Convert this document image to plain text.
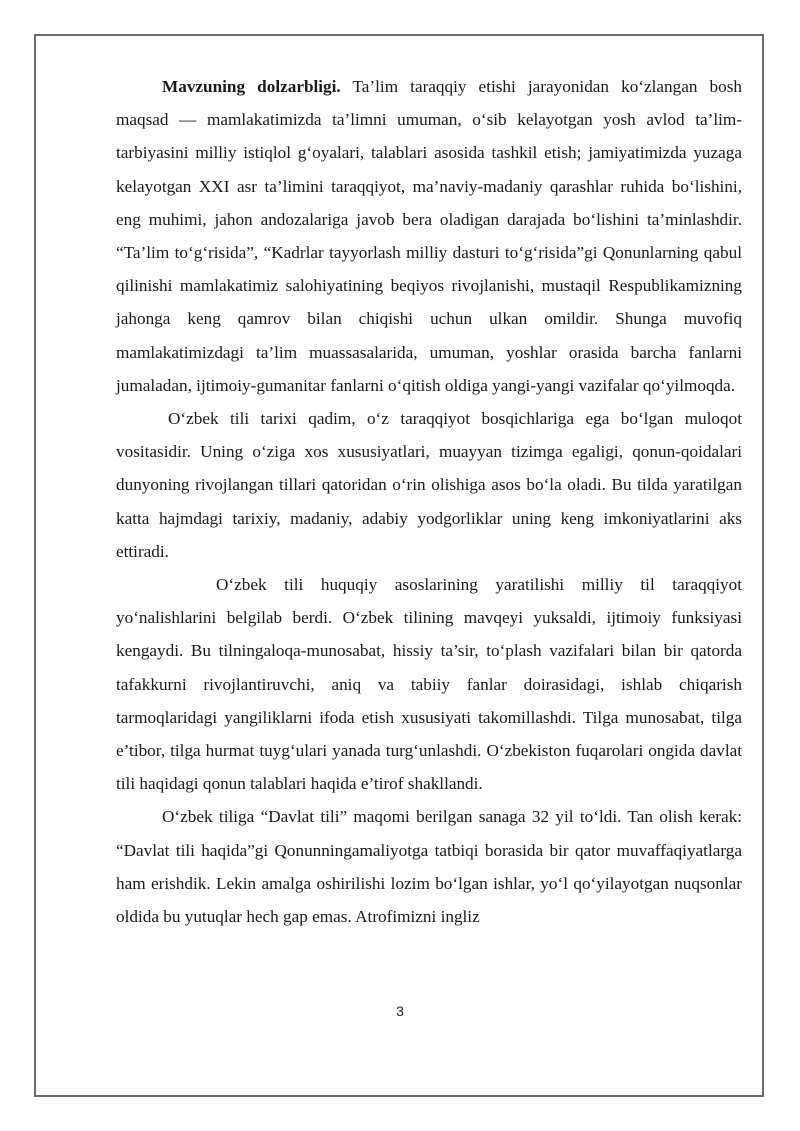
Mavzuning dolzarbligi. Ta’lim taraqqiy etishi jarayonidan ko‘zlangan bosh maqsad — mamlakatimizda ta’limni umuman, o‘sib kelayotgan yosh avlod ta’lim-tarbiyasini milliy istiqlol g‘oyalari, talablari asosida tashkil etish; jamiyatimizda yuzaga kelayotgan XXI asr ta’limini taraqqiyot, ma’naviy-madaniy qarashlar ruhida bo‘lishini, eng muhimi, jahon andozalariga javob bera oladigan darajada bo‘lishini ta’minlashdir. “Ta’lim to‘g‘risida”, “Kadrlar tayyorlash milliy dasturi to‘g‘risida”gi Qonunlarning qabul qilinishi mamlakatimiz salohiyatining beqiyos rivojlanishi, mustaqil Respublikamizning jahonga keng qamrov bilan chiqishi uchun ulkan omildir. Shunga muvofiq mamlakatimizdagi ta’lim muassasalarida, umuman, yoshlar orasida barcha fanlarni jumaladan, ijtimoiy-gumanitar fanlarni o‘qitish oldiga yangi-yangi vazifalar qo‘yilmoqda.

O‘zbek tili tarixi qadim, o‘z taraqqiyot bosqichlariga ega bo‘lgan muloqot vositasidir. Uning o‘ziga xos xususiyatlari, muayyan tizimga egaligi, qonun-qoidalari dunyoning rivojlangan tillari qatoridan o‘rin olishiga asos bo‘la oladi. Bu tilda yaratilgan katta hajmdagi tarixiy, madaniy, adabiy yodgorliklar uning keng imkoniyatlarini aks ettiradi.

O‘zbek tili huquqiy asoslarining yaratilishi milliy til taraqqiyot yo‘nalishlarini belgilab berdi. O‘zbek tilining mavqeyi yuksaldi, ijtimoiy funksiyasi kengaydi. Bu tilningaloqa-munosabat, hissiy ta’sir, to‘plash vazifalari bilan bir qatorda tafakkurni rivojlantiruvchi, aniq va tabiiy fanlar doirasidagi, ishlab chiqarish tarmoqlaridagi yangiliklarni ifoda etish xususiyati takomillashdi. Tilga munosabat, tilga e’tibor, tilga hurmat tuyg‘ulari yanada turg‘unlashdi. O‘zbekiston fuqarolari ongida davlat tili haqidagi qonun talablari haqida e’tirof shakllandi.

O‘zbek tiliga “Davlat tili” maqomi berilgan sanaga 32 yil to‘ldi. Tan olish kerak: “Davlat tili haqida”gi Qonunningamaliyotga tatbiqi borasida bir qator muvaffaqiyatlarga ham erishdik. Lekin amalga oshirilishi lozim bo‘lgan ishlar, yo‘l qo‘yilayotgan nuqsonlar oldida bu yutuqlar hech gap emas. Atrofimizni ingliz

3
